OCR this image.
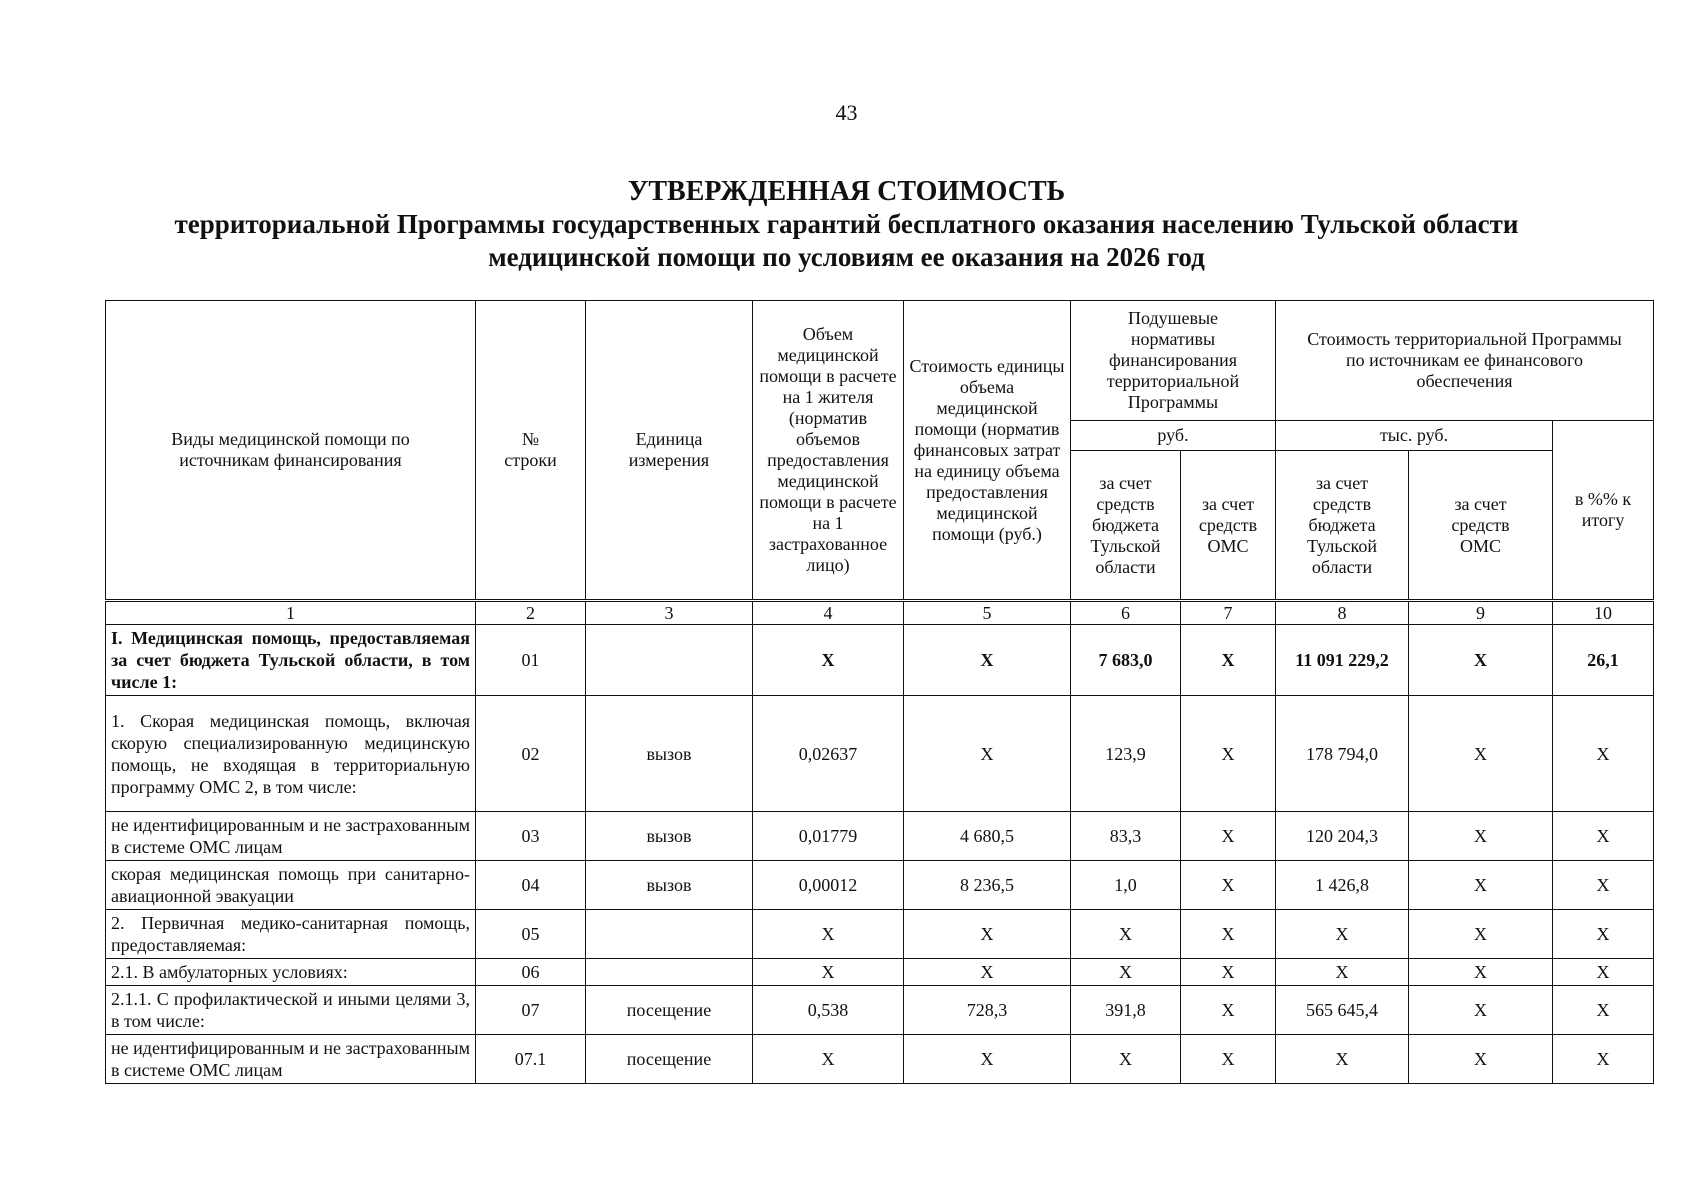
43
УТВЕРЖДЕННАЯ СТОИМОСТЬ
территориальной Программы государственных гарантий бесплатного оказания населению Тульской области
медицинской помощи по условиям ее оказания на 2026 год
Виды медицинской помощи по источникам финансирования	№ строки	Единица измерения	Объем медицинской помощи в расчете на 1 жителя (норматив объемов предоставления медицинской помощи в расчете на 1 застрахованное лицо)	Стоимость единицы объема медицинской помощи (норматив финансовых затрат на единицу объема предоставления медицинской помощи (руб.)	Подушевые нормативы финансирования территориальной Программы		Стоимость территориальной Программы по источникам ее финансового обеспечения		
					руб.		тыс. руб.		в %% к итогу
					за счет средств бюджета Тульской области	за счет средств ОМС	за счет средств бюджета Тульской области	за счет средств ОМС	
1	2	3	4	5	6	7	8	9	10
I. Медицинская помощь, предоставляемая за счет бюджета Тульской области, в том числе 1:	01		X	X	7 683,0	X	11 091 229,2	X	26,1
1. Скорая медицинская помощь, включая скорую специализированную медицинскую помощь, не входящая в территориальную программу ОМС 2, в том числе:	02	вызов	0,02637	X	123,9	X	178 794,0	X	X
не идентифицированным и не застрахованным в системе ОМС лицам	03	вызов	0,01779	4 680,5	83,3	X	120 204,3	X	X
скорая медицинская помощь при санитарно-авиационной эвакуации	04	вызов	0,00012	8 236,5	1,0	X	1 426,8	X	X
2. Первичная медико-санитарная помощь, предоставляемая:	05		X	X	X	X	X	X	X
2.1. В амбулаторных условиях:	06		X	X	X	X	X	X	X
2.1.1. С профилактической и иными целями 3, в том числе:	07	посещение	0,538	728,3	391,8	X	565 645,4	X	X
не идентифицированным и не застрахованным в системе ОМС лицам	07.1	посещение	X	X	X	X	X	X	X
